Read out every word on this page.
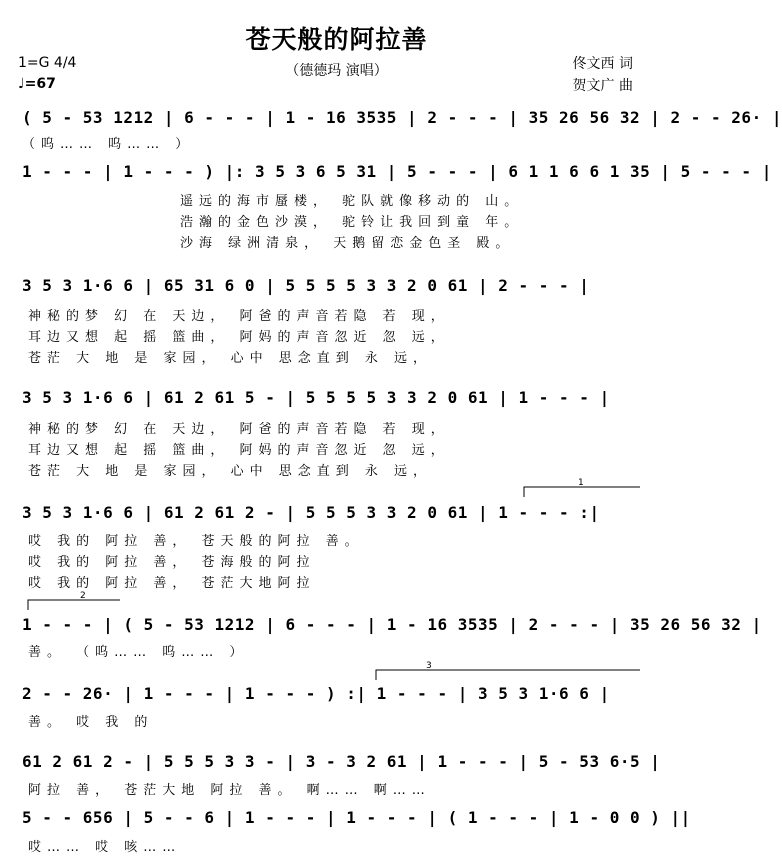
苍天般的阿拉善
1=G 4/4
♩=67
（德德玛 演唱）	佟文西 词
贺文广 曲
( 5 - 53 1212 | 6 - - - | 1 - 16 3535 | 2 - - - | 35 26 56 32 | 2 - - 26· |
（呜…… 呜…… ）
1 - - - | 1 - - - ) |: 3 5 3 6 5 31 | 5 - - - | 6 1 1 6 6 1 35 | 5 - - - |
遥远的海市蜃楼， 驼队就像移动的 山。
浩瀚的金色沙漠， 驼铃让我回到童 年。
沙海 绿洲清泉， 天鹅留恋金色圣 殿。
3 5 3 1·6 6 | 65 31 6 0 | 5 5 5 5 3 3 2 0 61 | 2 - - - |
神秘的梦 幻 在 天边， 阿爸的声音若隐 若 现，
耳边又想 起 摇 篮曲， 阿妈的声音忽近 忽 远，
苍茫 大 地 是 家园， 心中 思念直到 永 远，
3 5 3 1·6 6 | 61 2 61 5 - | 5 5 5 5 3 3 2 0 61 | 1 - - - |
神秘的梦 幻 在 天边， 阿爸的声音若隐 若 现，
耳边又想 起 摇 篮曲， 阿妈的声音忽近 忽 远，
苍茫 大 地 是 家园， 心中 思念直到 永 远，
3 5 3 1·6 6 | 61 2 61 2 - | 5 5 5 3 3 2 0 61 | 1 - - - :|
哎 我的 阿拉 善， 苍天般的阿拉 善。
哎 我的 阿拉 善， 苍海般的阿拉
哎 我的 阿拉 善， 苍茫大地阿拉
1 - - - | ( 5 - 53 1212 | 6 - - - | 1 - 16 3535 | 2 - - - | 35 26 56 32 |
善。 （呜…… 呜…… ）
2 - - 26· | 1 - - - | 1 - - - ) :| 1 - - - | 3 5 3 1·6 6 |
善。 哎 我 的
61 2 61 2 - | 5 5 5 3 3 - | 3 - 3 2 61 | 1 - - - | 5 - 53 6·5 |
阿拉 善， 苍茫大地 阿拉 善。 啊…… 啊……
5 - - 656 | 5 - - 6 | 1 - - - | 1 - - - | ( 1 - - - | 1 - 0 0 ) ||
哎…… 哎 咳……
1
2
3
